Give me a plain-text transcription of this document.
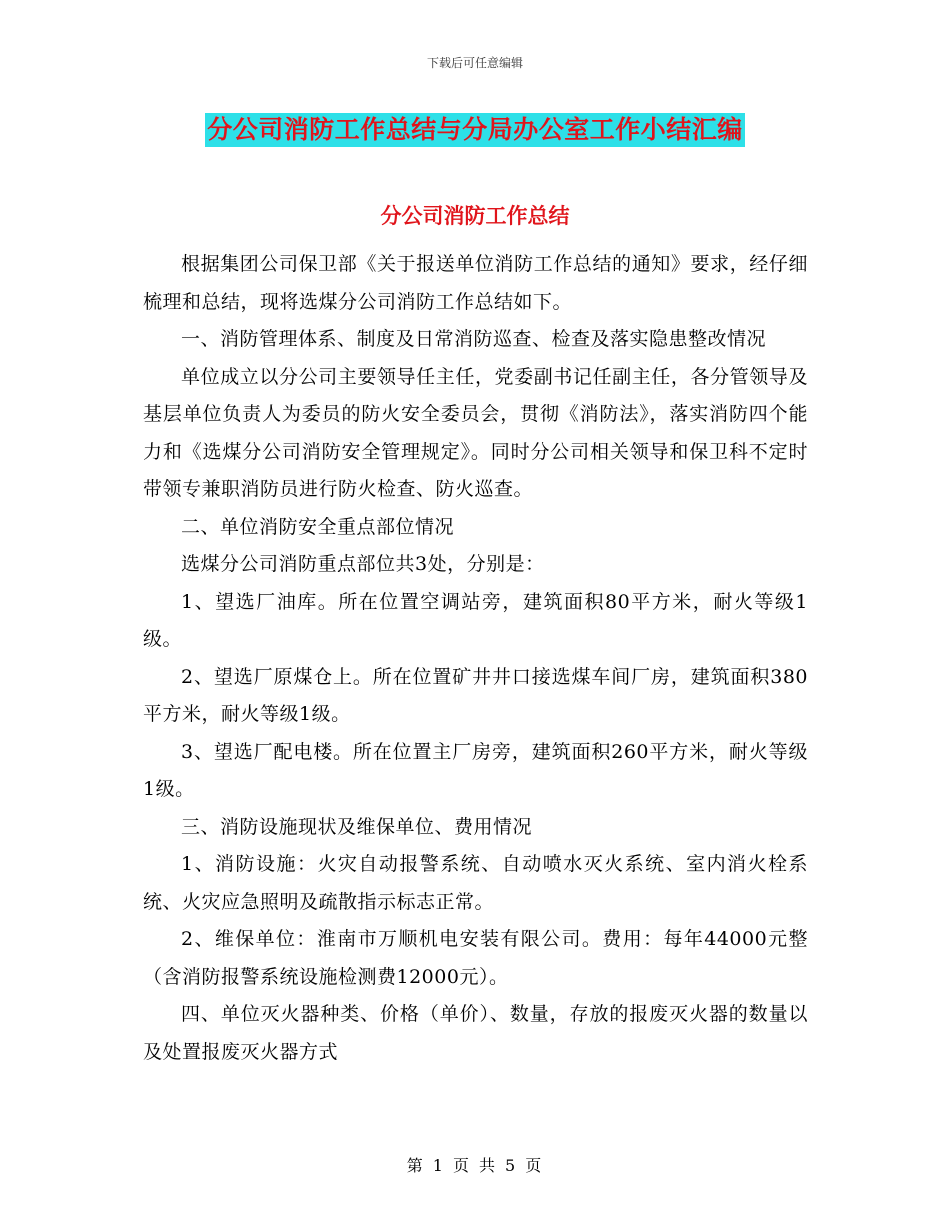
下载后可任意编辑
分公司消防工作总结与分局办公室工作小结汇编
分公司消防工作总结

根据集团公司保卫部《关于报送单位消防工作总结的通知》要求，经仔细梳理和总结，现将选煤分公司消防工作总结如下。

一、消防管理体系、制度及日常消防巡查、检查及落实隐患整改情况

单位成立以分公司主要领导任主任，党委副书记任副主任，各分管领导及基层单位负责人为委员的防火安全委员会，贯彻《消防法》，落实消防四个能力和《选煤分公司消防安全管理规定》。同时分公司相关领导和保卫科不定时带领专兼职消防员进行防火检查、防火巡查。

二、单位消防安全重点部位情况

选煤分公司消防重点部位共3处，分别是：

1、望选厂油库。所在位置空调站旁，建筑面积80平方米，耐火等级1级。

2、望选厂原煤仓上。所在位置矿井井口接选煤车间厂房，建筑面积380平方米，耐火等级1级。

3、望选厂配电楼。所在位置主厂房旁，建筑面积260平方米，耐火等级1级。

三、消防设施现状及维保单位、费用情况

1、消防设施：火灾自动报警系统、自动喷水灭火系统、室内消火栓系统、火灾应急照明及疏散指示标志正常。

2、维保单位：淮南市万顺机电安装有限公司。费用：每年44000元整（含消防报警系统设施检测费12000元）。

四、单位灭火器种类、价格（单价）、数量，存放的报废灭火器的数量以及处置报废灭火器方式

第 1 页 共 5 页
